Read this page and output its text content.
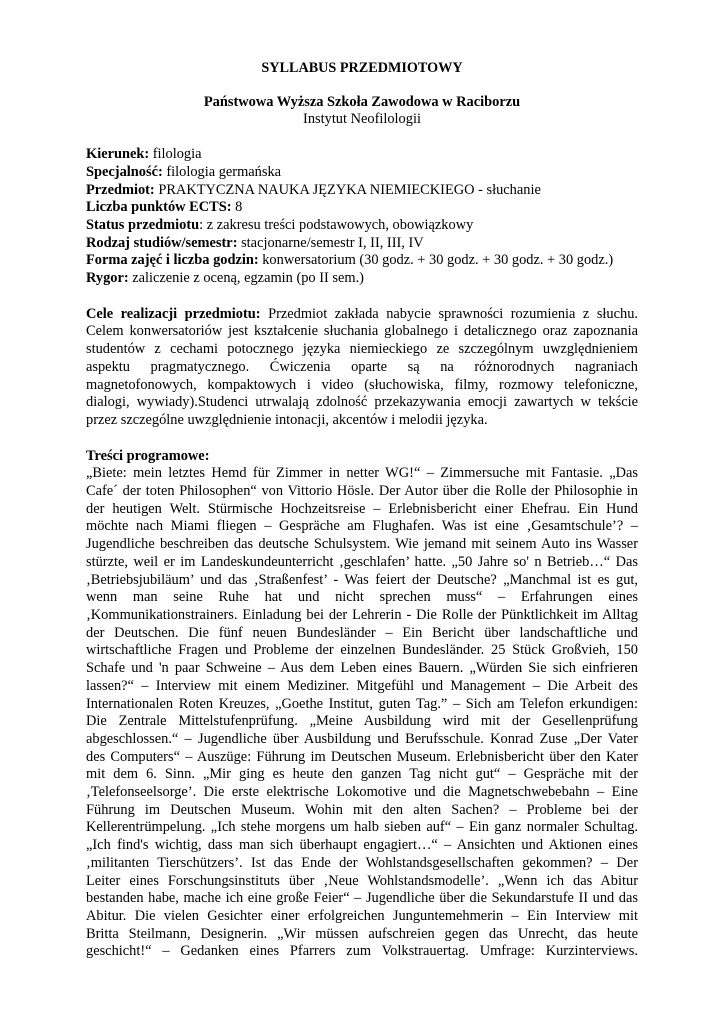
SYLLABUS PRZEDMIOTOWY
Państwowa Wyższa Szkoła Zawodowa w Raciborzu
Instytut Neofilologii
Kierunek: filologia
Specjalność: filologia germańska
Przedmiot: PRAKTYCZNA NAUKA JĘZYKA NIEMIECKIEGO - słuchanie
Liczba punktów ECTS: 8
Status przedmiotu: z zakresu treści podstawowych, obowiązkowy
Rodzaj studiów/semestr: stacjonarne/semestr I, II, III, IV
Forma zajęć i liczba godzin: konwersatorium (30 godz. + 30 godz. + 30 godz. + 30 godz.)
Rygor: zaliczenie z oceną, egzamin (po II sem.)
Cele realizacji przedmiotu: Przedmiot zakłada nabycie sprawności rozumienia z słuchu.
Celem konwersatoriów jest kształcenie słuchania globalnego i detalicznego oraz zapoznania
studentów z cechami potocznego języka niemieckiego ze szczególnym uwzględnieniem
aspektu pragmatycznego. Ćwiczenia oparte są na różnorodnych nagraniach
magnetofonowych, kompaktowych i video (słuchowiska, filmy, rozmowy telefoniczne,
dialogi, wywiady).Studenci utrwalają zdolność przekazywania emocji zawartych w tekście
przez szczególne uwzględnienie intonacji, akcentów i melodii języka.
Treści programowe:
„Biete: mein letztes Hemd für Zimmer in netter WG!“ – Zimmersuche mit Fantasie. „Das
Cafe´ der toten Philosophen“ von Vittorio Hösle. Der Autor über die Rolle der Philosophie in
der heutigen Welt. Stürmische Hochzeitsreise – Erlebnisbericht einer Ehefrau. Ein Hund
möchte nach Miami fliegen – Gespräche am Flughafen. Was ist eine ‚Gesamtschule’? –
Jugendliche beschreiben das deutsche Schulsystem. Wie jemand mit seinem Auto ins Wasser
stürzte, weil er im Landeskundeunterricht ‚geschlafen’ hatte. „50 Jahre so' n Betrieb…“ Das
‚Betriebsjubiläum’ und das ‚Straßenfest’ - Was feiert der Deutsche? „Manchmal ist es gut,
wenn man seine Ruhe hat und nicht sprechen muss“ – Erfahrungen eines
‚Kommunikationstrainers. Einladung bei der Lehrerin - Die Rolle der Pünktlichkeit im Alltag
der Deutschen. Die fünf neuen Bundesländer – Ein Bericht über landschaftliche und
wirtschaftliche Fragen und Probleme der einzelnen Bundesländer. 25 Stück Großvieh, 150
Schafe und 'n paar Schweine – Aus dem Leben eines Bauern. „Würden Sie sich einfrieren
lassen?“ – Interview mit einem Mediziner. Mitgefühl und Management – Die Arbeit des
Internationalen Roten Kreuzes, „Goethe Institut, guten Tag.” – Sich am Telefon erkundigen:
Die Zentrale Mittelstufenprüfung. „Meine Ausbildung wird mit der Gesellenprüfung
abgeschlossen.“ – Jugendliche über Ausbildung und Berufsschule. Konrad Zuse „Der Vater
des Computers“ – Auszüge: Führung im Deutschen Museum. Erlebnisbericht über den Kater
mit dem 6. Sinn. „Mir ging es heute den ganzen Tag nicht gut“ – Gespräche mit der
‚Telefonseelsorge’. Die erste elektrische Lokomotive und die Magnetschwebebahn – Eine
Führung im Deutschen Museum. Wohin mit den alten Sachen? – Probleme bei der
Kellerentrümpelung. „Ich stehe morgens um halb sieben auf“ – Ein ganz normaler Schultag.
„Ich find's wichtig, dass man sich überhaupt engagiert…“ – Ansichten und Aktionen eines
‚militanten Tierschützers’. Ist das Ende der Wohlstandsgesellschaften gekommen? – Der
Leiter eines Forschungsinstituts über ‚Neue Wohlstandsmodelle’. „Wenn ich das Abitur
bestanden habe, mache ich eine große Feier“ – Jugendliche über die Sekundarstufe II und das
Abitur. Die vielen Gesichter einer erfolgreichen Junguntemehmerin – Ein Interview mit
Britta Steilmann, Designerin. „Wir müssen aufschreien gegen das Unrecht, das heute
geschicht!“ – Gedanken eines Pfarrers zum Volkstrauertag. Umfrage: Kurzinterviews.
